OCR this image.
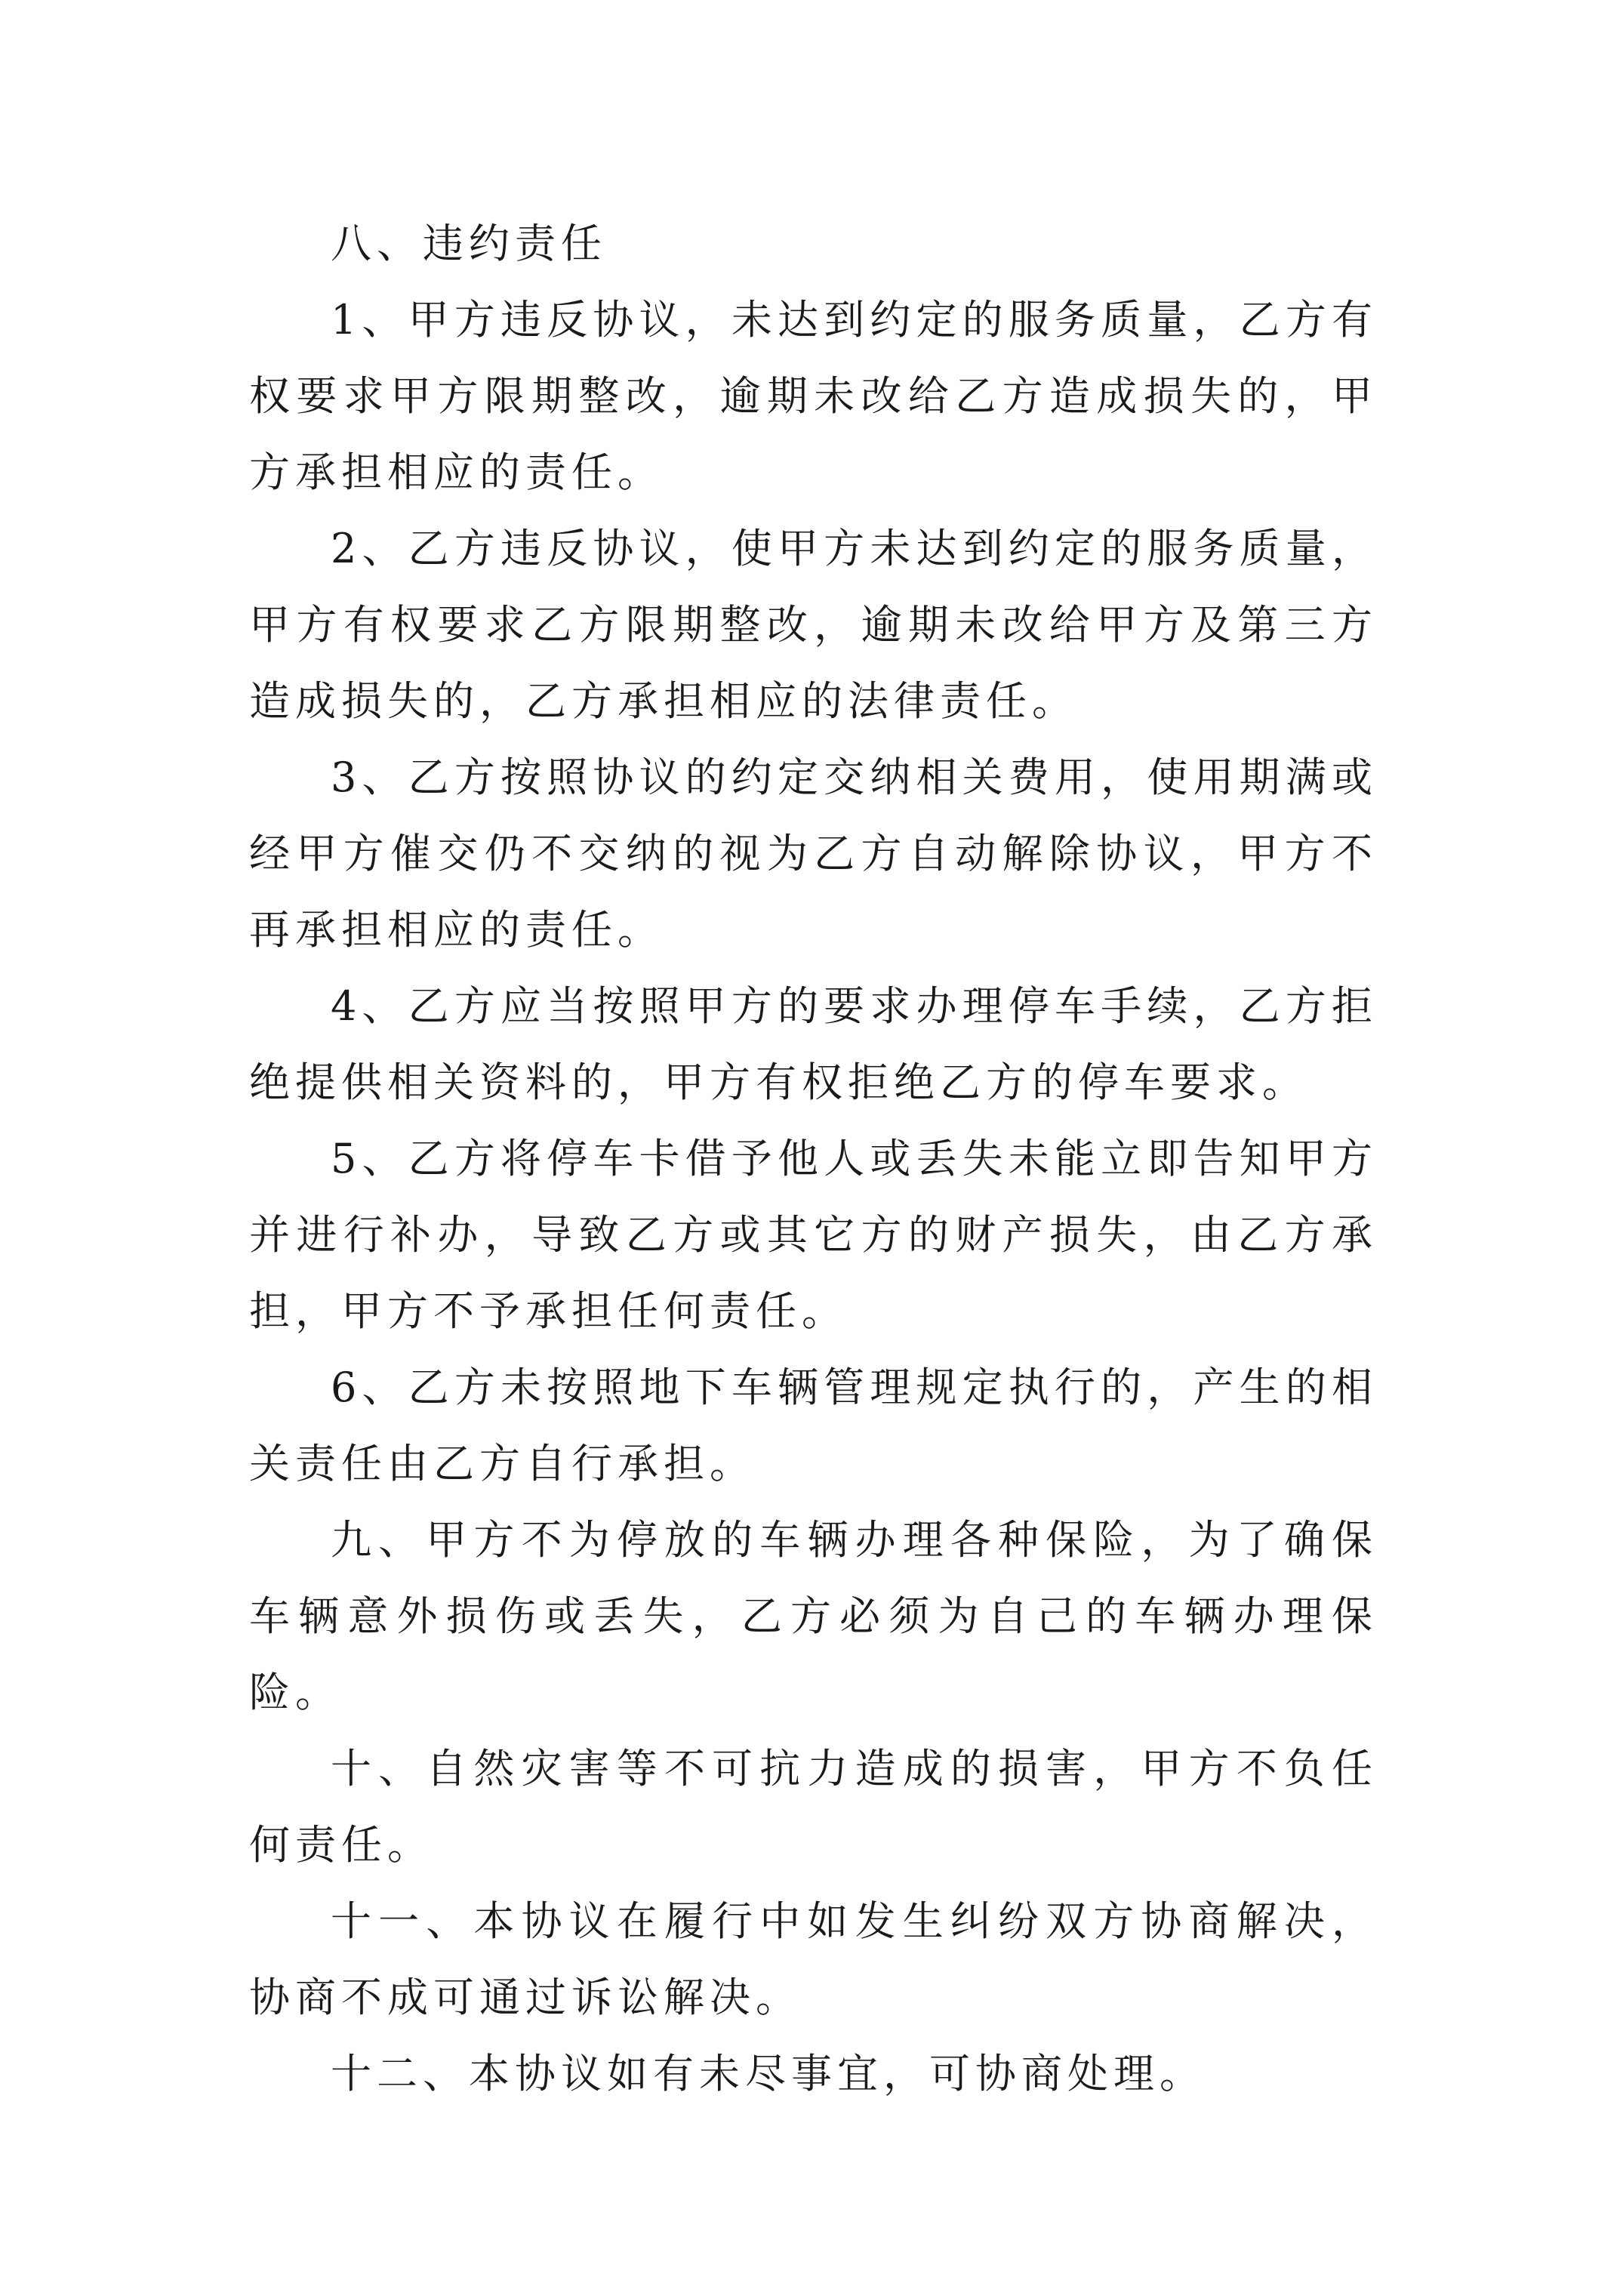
八、违约责任

1、甲方违反协议，未达到约定的服务质量，乙方有权要求甲方限期整改，逾期未改给乙方造成损失的，甲方承担相应的责任。

2、乙方违反协议，使甲方未达到约定的服务质量，甲方有权要求乙方限期整改，逾期未改给甲方及第三方造成损失的，乙方承担相应的法律责任。

3、乙方按照协议的约定交纳相关费用，使用期满或经甲方催交仍不交纳的视为乙方自动解除协议，甲方不再承担相应的责任。

4、乙方应当按照甲方的要求办理停车手续，乙方拒绝提供相关资料的，甲方有权拒绝乙方的停车要求。

5、乙方将停车卡借予他人或丢失未能立即告知甲方并进行补办，导致乙方或其它方的财产损失，由乙方承担，甲方不予承担任何责任。

6、乙方未按照地下车辆管理规定执行的，产生的相关责任由乙方自行承担。

九、甲方不为停放的车辆办理各种保险，为了确保车辆意外损伤或丢失，乙方必须为自己的车辆办理保险。

十、自然灾害等不可抗力造成的损害，甲方不负任何责任。

十一、本协议在履行中如发生纠纷双方协商解决，协商不成可通过诉讼解决。

十二、本协议如有未尽事宜，可协商处理。
